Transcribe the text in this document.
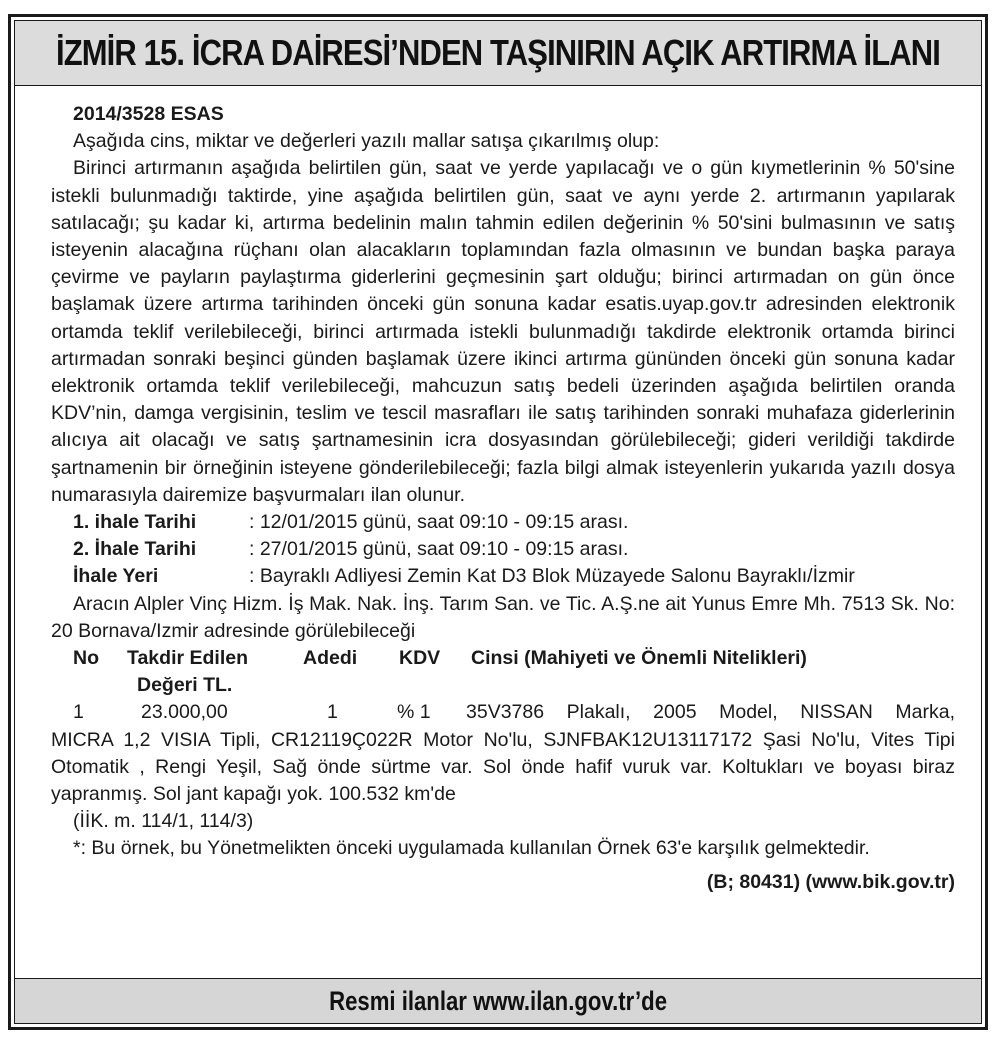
İZMİR 15. İCRA DAİRESİ’NDEN TAŞINIRIN AÇIK ARTIRMA İLANI
2014/3528 ESAS

Aşağıda cins, miktar ve değerleri yazılı mallar satışa çıkarılmış olup:

Birinci artırmanın aşağıda belirtilen gün, saat ve yerde yapılacağı ve o gün kıymetlerinin % 50'sine istekli bulunmadığı taktirde, yine aşağıda belirtilen gün, saat ve aynı yerde 2. artırmanın yapılarak satılacağı; şu kadar ki, artırma bedelinin malın tahmin edilen değerinin % 50'sini bulmasının ve satış isteyenin alacağına rüçhanı olan alacakların toplamından fazla olmasının ve bundan başka paraya çevirme ve payların paylaştırma giderlerini geçmesinin şart olduğu; birinci artırmadan on gün önce başlamak üzere artırma tarihinden önceki gün sonuna kadar esatis.uyap.gov.tr adresinden elektronik ortamda teklif verilebileceği, birinci artırmada istekli bulunmadığı takdirde elektronik ortamda birinci artırmadan sonraki beşinci günden başlamak üzere ikinci artırma gününden önceki gün sonuna kadar elektronik ortamda teklif verilebileceği, mahcuzun satış bedeli üzerinden aşağıda belirtilen oranda KDV’nin, damga vergisinin, teslim ve tescil masrafları ile satış tarihinden sonraki muhafaza giderlerinin alıcıya ait olacağı ve satış şartnamesinin icra dosyasından görülebileceği; gideri verildiği takdirde şartnamenin bir örneğinin isteyene gönderilebileceği; fazla bilgi almak isteyenlerin yukarıda yazılı dosya numarasıyla dairemize başvurmaları ilan olunur.

1. ihale Tarihi	: 12/01/2015 günü, saat 09:10 - 09:15 arası.
2. İhale Tarihi	: 27/01/2015 günü, saat 09:10 - 09:15 arası.
İhale Yeri	: Bayraklı Adliyesi Zemin Kat D3 Blok Müzayede Salonu Bayraklı/İzmir

Aracın Alpler Vinç Hizm. İş Mak. Nak. İnş. Tarım San. ve Tic. A.Ş.ne ait Yunus Emre Mh. 7513 Sk. No: 20 Bornava/Izmir adresinde görülebileceği

No	Takdir Edilen	Adedi	KDV	Cinsi (Mahiyeti ve Önemli Nitelikleri)
Değeri TL.
1	23.000,00	1	% 1	35V3786 Plakalı, 2005 Model, NISSAN Marka,

MICRA 1,2 VISIA Tipli, CR12119Ç022R Motor No'lu, SJNFBAK12U13117172 Şasi No'lu, Vites Tipi Otomatik , Rengi Yeşil, Sağ önde sürtme var. Sol önde hafif vuruk var. Koltukları ve boyası biraz yapranmış. Sol jant kapağı yok. 100.532 km'de

(İİK. m. 114/1, 114/3)

*: Bu örnek, bu Yönetmelikten önceki uygulamada kullanılan Örnek 63'e karşılık gelmektedir.

(B; 80431) (www.bik.gov.tr)
Resmi ilanlar www.ilan.gov.tr’de
